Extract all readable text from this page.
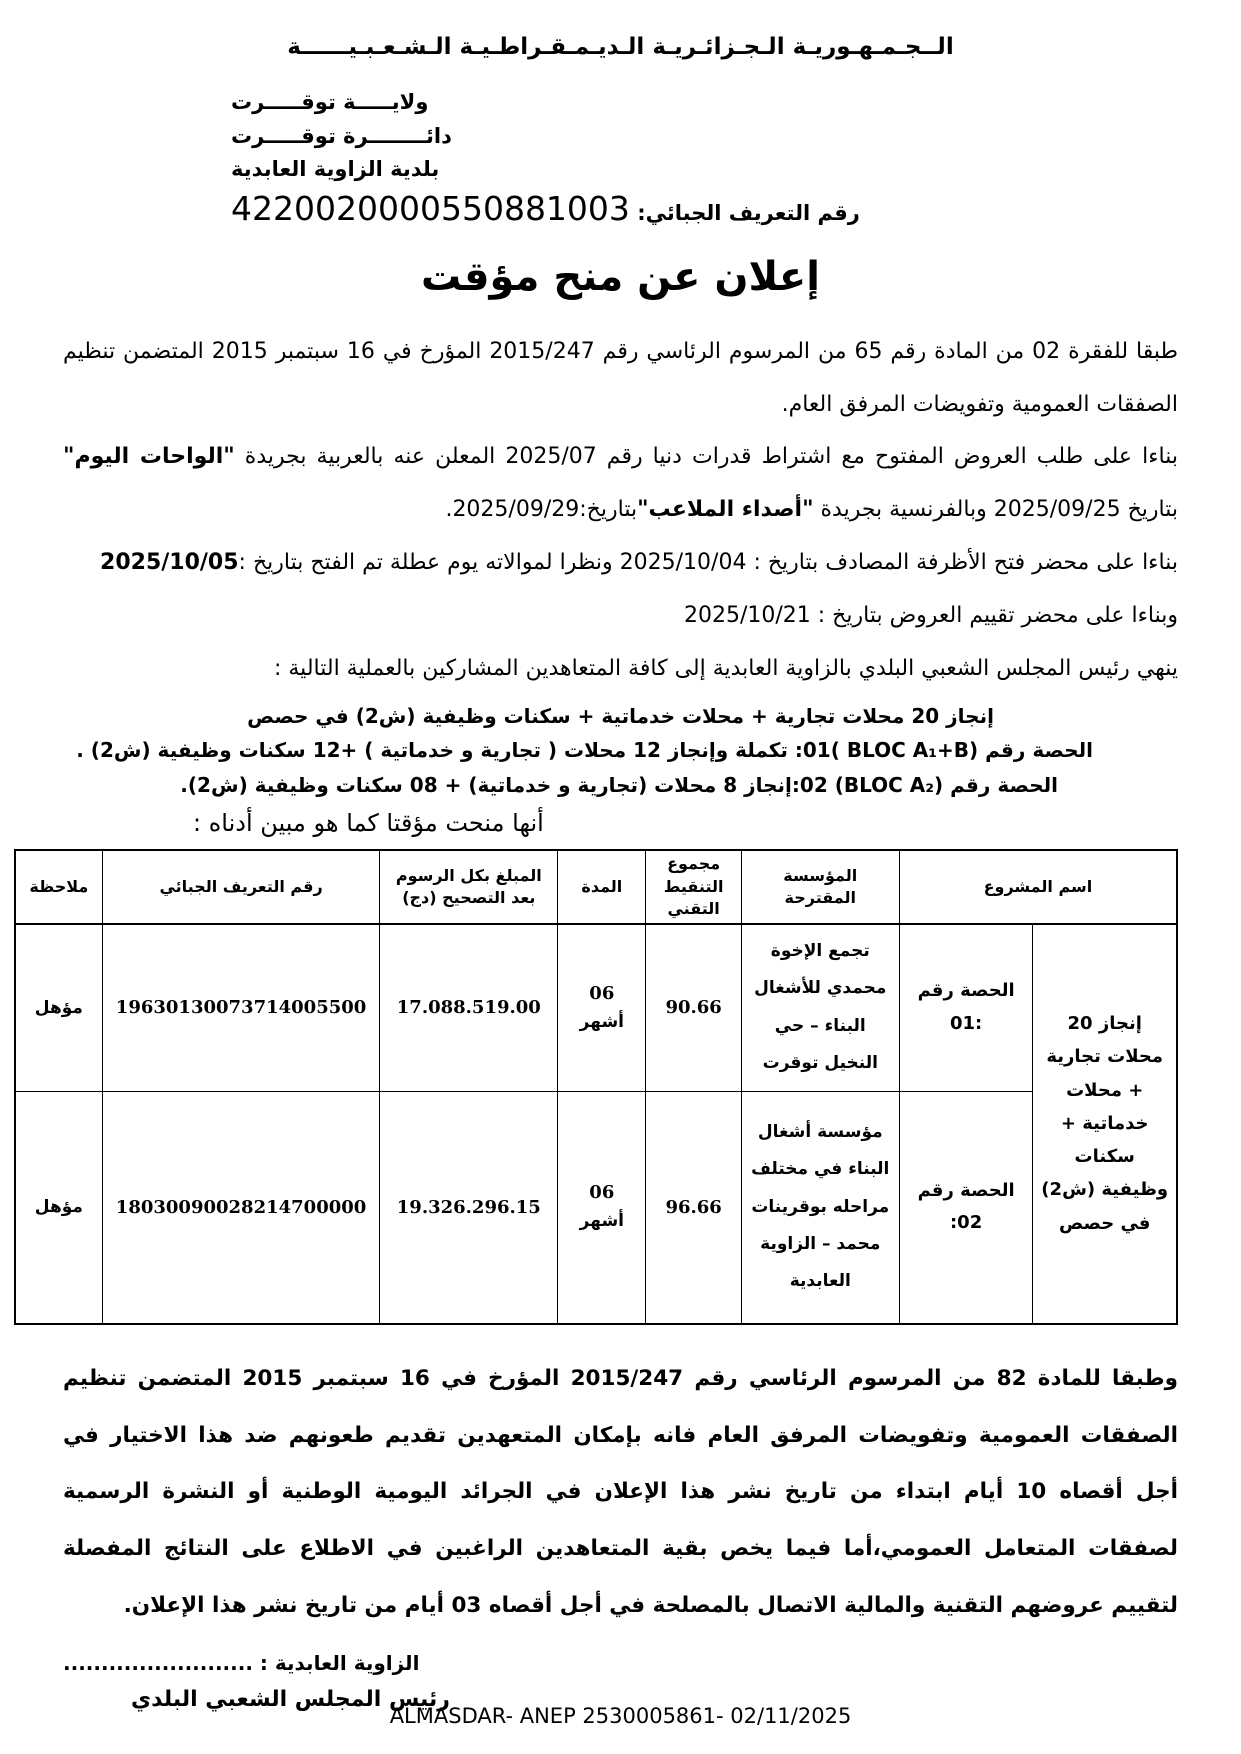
الــجـمـهـوريـة الـجـزائـريـة الـديـمـقـراطـيـة الـشـعـبـيــــــة
ولايـــــة توقـــــرت
دائــــــــرة توقـــــرت
بلدية الزاوية العابدية
رقم التعريف الجبائي: 4220020000550881003
إعلان عن منح مؤقت

طبقا للفقرة 02 من المادة رقم 65 من المرسوم الرئاسي رقم 2015/247 المؤرخ في 16 سبتمبر 2015 المتضمن تنظيم الصفقات العمومية وتفويضات المرفق العام.

بناءا على طلب العروض المفتوح مع اشتراط قدرات دنيا رقم 2025/07 المعلن عنه بالعربية بجريدة "الواحات اليوم" بتاريخ 2025/09/25 وبالفرنسية بجريدة "أصداء الملاعب"بتاريخ:2025/09/29.

بناءا على محضر فتح الأظرفة المصادف بتاريخ : 2025/10/04 ونظرا لموالاته يوم عطلة تم الفتح بتاريخ :2025/10/05

وبناءا على محضر تقييم العروض بتاريخ : 2025/10/21

ينهي رئيس المجلس الشعبي البلدي بالزاوية العابدية إلى كافة المتعاهدين المشاركين بالعملية التالية :

إنجاز 20 محلات تجارية + محلات خدماتية + سكنات وظيفية (ش2) في حصص
الحصة رقم (BLOC A₁+B )01: تكملة وإنجاز 12 محلات ( تجارية و خدماتية ) +12 سكنات وظيفية (ش2) .
الحصة رقم (BLOC A₂) 02:إنجاز 8 محلات (تجارية و خدماتية) + 08 سكنات وظيفية (ش2).
أنها منحت مؤقتا كما هو مبين أدناه :
اسم المشروع		المؤسسة المقترحة	مجموع التنقيط التقني	المدة	المبلغ بكل الرسوم بعد التصحيح (دج)	رقم التعريف الجبائي	ملاحظة
إنجاز 20 محلات تجارية + محلات خدماتية + سكنات وظيفية (ش2) في حصص	الحصة رقم :01	تجمع الإخوة محمدي للأشغال البناء – حي النخيل توقرت	90.66	06
أشهر	17.088.519.00	19630130073714005500	مؤهل
	الحصة رقم 02:	مؤسسة أشغال البناء في مختلف مراحله بوقرينات محمد – الزاوية العابدية	96.66	06
أشهر	19.326.296.15	18030090028214700000	مؤهل

وطبقا للمادة 82 من المرسوم الرئاسي رقم 2015/247 المؤرخ في 16 سبتمبر 2015 المتضمن تنظيم الصفقات العمومية وتفويضات المرفق العام فانه بإمكان المتعهدين تقديم طعونهم ضد هذا الاختيار في أجل أقصاه 10 أيام ابتداء من تاريخ نشر هذا الإعلان في الجرائد اليومية الوطنية أو النشرة الرسمية لصفقات المتعامل العمومي،أما فيما يخص بقية المتعاهدين الراغبين في الاطلاع على النتائج المفصلة لتقييم عروضهم التقنية والمالية الاتصال بالمصلحة في أجل أقصاه 03 أيام من تاريخ نشر هذا الإعلان.

الزاوية العابدية : .........................
رئيس المجلس الشعبي البلدي
ALMASDAR- ANEP 2530005861- 02/11/2025
